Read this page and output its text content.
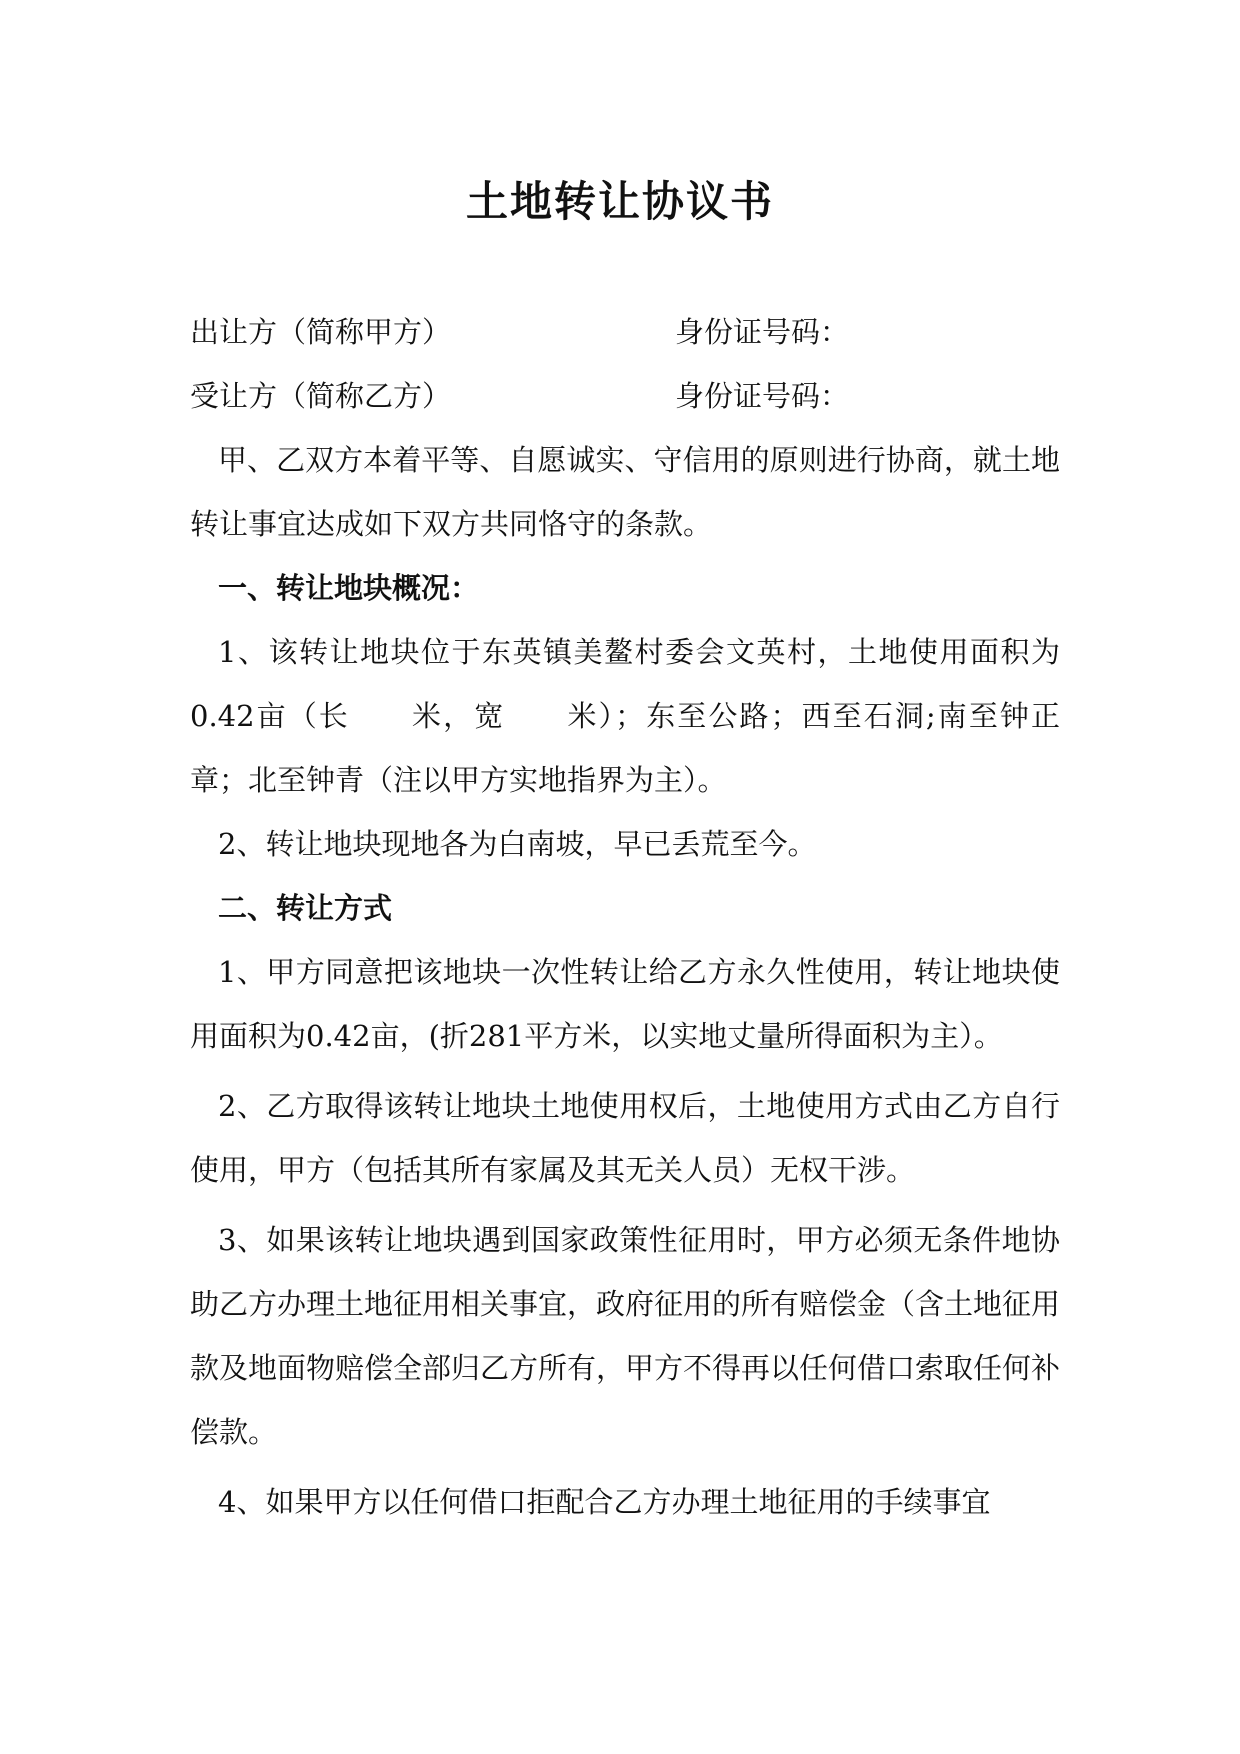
土地转让协议书
出让方（简称甲方）	身份证号码：
受让方（简称乙方）	身份证号码：

甲、乙双方本着平等、自愿诚实、守信用的原则进行协商，就土地转让事宜达成如下双方共同恪守的条款。

一、转让地块概况：

1、该转让地块位于东英镇美鳌村委会文英村，土地使用面积为0.42亩（长　　米，宽　　米）；东至公路；西至石洞;南至钟正章；北至钟青（注以甲方实地指界为主）。

2、转让地块现地各为白南坡，早已丢荒至今。

二、转让方式

1、甲方同意把该地块一次性转让给乙方永久性使用，转让地块使用面积为0.42亩，(折281平方米，以实地丈量所得面积为主）。

2、乙方取得该转让地块土地使用权后，土地使用方式由乙方自行使用，甲方（包括其所有家属及其无关人员）无权干涉。

3、如果该转让地块遇到国家政策性征用时，甲方必须无条件地协助乙方办理土地征用相关事宜，政府征用的所有赔偿金（含土地征用款及地面物赔偿全部归乙方所有，甲方不得再以任何借口索取任何补偿款。

4、如果甲方以任何借口拒配合乙方办理土地征用的手续事宜
